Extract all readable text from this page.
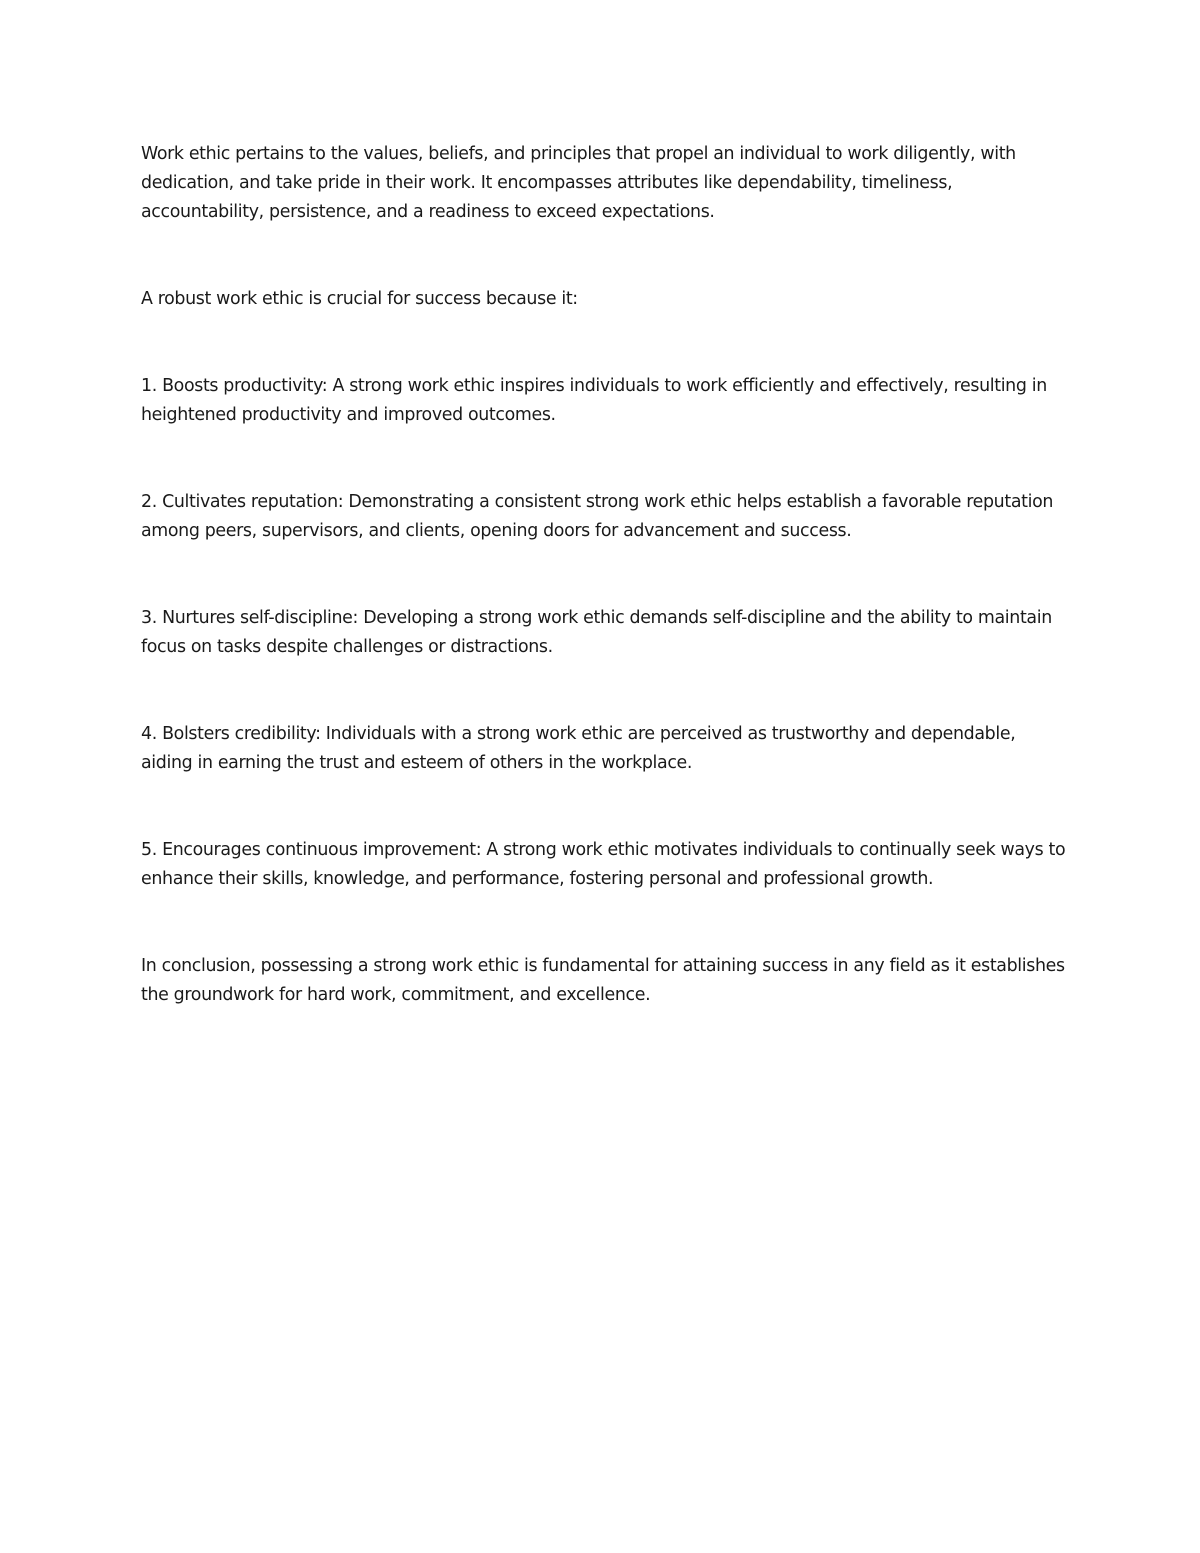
Work ethic pertains to the values, beliefs, and principles that propel an individual to work diligently, with dedication, and take pride in their work. It encompasses attributes like dependability, timeliness, accountability, persistence, and a readiness to exceed expectations.

A robust work ethic is crucial for success because it:

1. Boosts productivity: A strong work ethic inspires individuals to work efficiently and effectively, resulting in heightened productivity and improved outcomes.

2. Cultivates reputation: Demonstrating a consistent strong work ethic helps establish a favorable reputation among peers, supervisors, and clients, opening doors for advancement and success.

3. Nurtures self-discipline: Developing a strong work ethic demands self-discipline and the ability to maintain focus on tasks despite challenges or distractions.

4. Bolsters credibility: Individuals with a strong work ethic are perceived as trustworthy and dependable, aiding in earning the trust and esteem of others in the workplace.

5. Encourages continuous improvement: A strong work ethic motivates individuals to continually seek ways to enhance their skills, knowledge, and performance, fostering personal and professional growth.

In conclusion, possessing a strong work ethic is fundamental for attaining success in any field as it establishes the groundwork for hard work, commitment, and excellence.
